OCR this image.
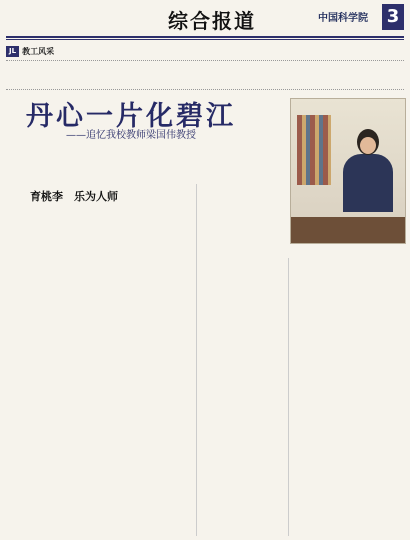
综合报道	中国科学院 3
JL 教工风采
丹心一片化碧江
——追忆我校教师梁国伟教授

育桃李　乐为人师
